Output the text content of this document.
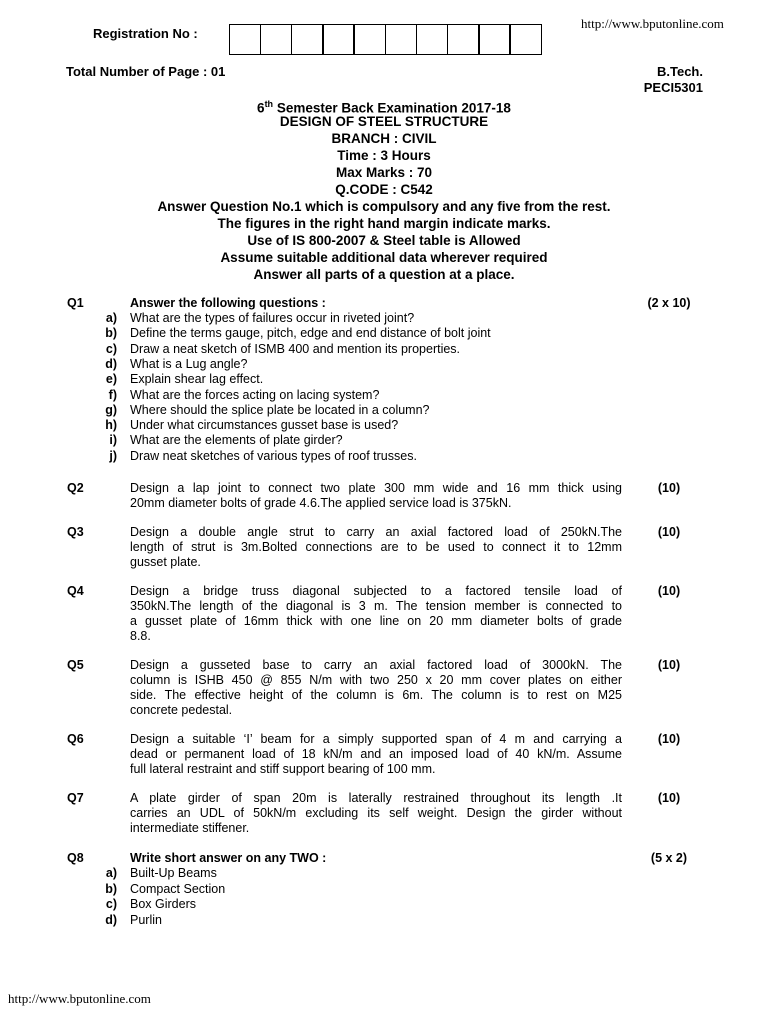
http://www.bputonline.com
Registration No :
Total Number of Page : 01	B.Tech.
PECI5301
6th Semester Back Examination 2017-18
DESIGN OF STEEL STRUCTURE
BRANCH : CIVIL
Time : 3 Hours
Max Marks : 70
Q.CODE : C542
Answer Question No.1 which is compulsory and any five from the rest.
The figures in the right hand margin indicate marks.
Use of IS 800-2007 & Steel table is Allowed
Assume suitable additional data wherever required
Answer all parts of a question at a place.
Q1	Answer the following questions :	(2 x 10)
a) What are the types of failures occur in riveted joint?
b) Define the terms gauge, pitch, edge and end distance of bolt joint
c) Draw a neat sketch of ISMB 400 and mention its properties.
d) What is a Lug angle?
e) Explain shear lag effect.
f) What are the forces acting on lacing system?
g) Where should the splice plate be located in a column?
h) Under what circumstances gusset base is used?
i) What are the elements of plate girder?
j) Draw neat sketches of various types of roof trusses.
Q2	Design a lap joint to connect two plate 300 mm wide and 16 mm thick using
20mm diameter bolts of grade 4.6.The applied service load is 375kN.
(10)
Q3	Design a double angle strut to carry an axial factored load of 250kN.The
length of strut is 3m.Bolted connections are to be used to connect it to 12mm
gusset plate.
(10)
Q4	Design a bridge truss diagonal subjected to a factored tensile load of
350kN.The length of the diagonal is 3 m. The tension member is connected to
a gusset plate of 16mm thick with one line on 20 mm diameter bolts of grade
8.8.
(10)
Q5	Design a gusseted base to carry an axial factored load of 3000kN. The
column is ISHB 450 @ 855 N/m with two 250 x 20 mm cover plates on either
side. The effective height of the column is 6m. The column is to rest on M25
concrete pedestal.
(10)
Q6	Design a suitable ‘I’ beam for a simply supported span of 4 m and carrying a
dead or permanent load of 18 kN/m and an imposed load of 40 kN/m. Assume
full lateral restraint and stiff support bearing of 100 mm.
(10)
Q7	A plate girder of span 20m is laterally restrained throughout its length .It
carries an UDL of 50kN/m excluding its self weight. Design the girder without
intermediate stiffener.
(10)
Q8	Write short answer on any TWO :	(5 x 2)
a) Built-Up Beams
b) Compact Section
c) Box Girders
d) Purlin
http://www.bputonline.com
